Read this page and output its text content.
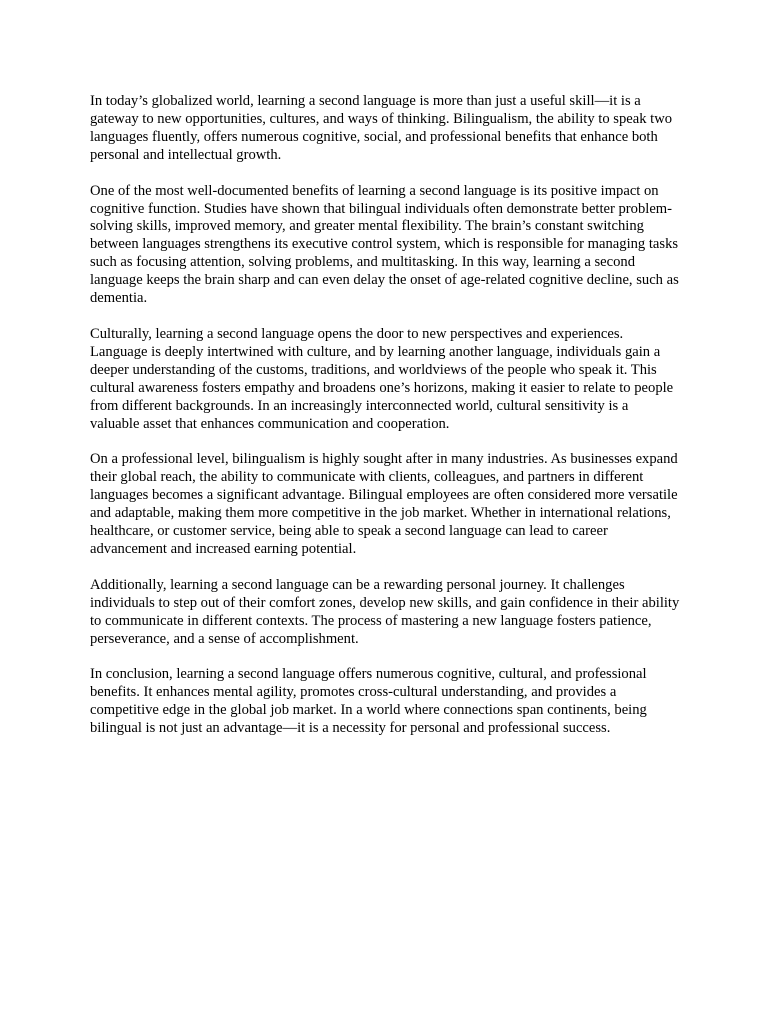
In today’s globalized world, learning a second language is more than just a useful skill—it is a gateway to new opportunities, cultures, and ways of thinking. Bilingualism, the ability to speak two languages fluently, offers numerous cognitive, social, and professional benefits that enhance both personal and intellectual growth.

One of the most well-documented benefits of learning a second language is its positive impact on cognitive function. Studies have shown that bilingual individuals often demonstrate better problem-solving skills, improved memory, and greater mental flexibility. The brain’s constant switching between languages strengthens its executive control system, which is responsible for managing tasks such as focusing attention, solving problems, and multitasking. In this way, learning a second language keeps the brain sharp and can even delay the onset of age-related cognitive decline, such as dementia.

Culturally, learning a second language opens the door to new perspectives and experiences. Language is deeply intertwined with culture, and by learning another language, individuals gain a deeper understanding of the customs, traditions, and worldviews of the people who speak it. This cultural awareness fosters empathy and broadens one’s horizons, making it easier to relate to people from different backgrounds. In an increasingly interconnected world, cultural sensitivity is a valuable asset that enhances communication and cooperation.

On a professional level, bilingualism is highly sought after in many industries. As businesses expand their global reach, the ability to communicate with clients, colleagues, and partners in different languages becomes a significant advantage. Bilingual employees are often considered more versatile and adaptable, making them more competitive in the job market. Whether in international relations, healthcare, or customer service, being able to speak a second language can lead to career advancement and increased earning potential.

Additionally, learning a second language can be a rewarding personal journey. It challenges individuals to step out of their comfort zones, develop new skills, and gain confidence in their ability to communicate in different contexts. The process of mastering a new language fosters patience, perseverance, and a sense of accomplishment.

In conclusion, learning a second language offers numerous cognitive, cultural, and professional benefits. It enhances mental agility, promotes cross-cultural understanding, and provides a competitive edge in the global job market. In a world where connections span continents, being bilingual is not just an advantage—it is a necessity for personal and professional success.
